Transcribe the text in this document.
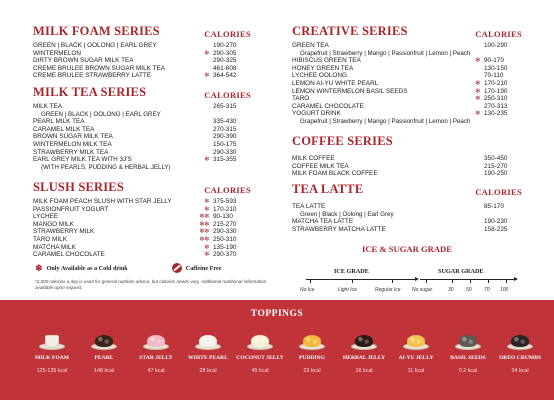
MILK FOAM SERIES	CALORIES
GREEN | BLACK | OOLONG | EARL GREY	190-270
WINTERMELON	❄ 290-305
DIRTY BROWN SUGAR MILK TEA	290-325
CREME BRULEE BROWN SUGAR MILK TEA	461-608
CREME BRULEE STRAWBERRY LATTE	❄ 364-542
MILK TEA SERIES	CALORIES
MILK TEA	265-315
GREEN | BLACK | OOLONG | EARL GREY
PEARL MILK TEA	335-430
CARAMEL MILK TEA	270-315
BROWN SUGAR MILK TEA	290-390
WINTERMELON MILK TEA	150-175
STRAWBERRY MILK TEA	290-330
EARL GREY MILK TEA WITH 3J'S	❄ 315-355
(WITH PEARLS, PUDDING & HERBAL JELLY)
SLUSH SERIES	CALORIES
MILK FOAM PEACH SLUSH WITH STAR JELLY	❄ 375-593
PASSIONFRUIT YOGURT	❄ 170-210
LYCHEE	❄❄ 90-130
MANGO MILK	❄❄ 215-270
STRAWBERRY MILK	❄❄ 290-330
TARO MILK	❄❄ 250-310
MATCHA MILK	❄ 135-190
CARAMEL CHOCOLATE	❄ 290-370
❄ Only Available as a Cold drink	Caffeine Free
*2,000 calories a day is used for general nutrition advice, but calories needs vary. Additional nutritional information available upon request.
CREATIVE SERIES	CALORIES
GREEN TEA	100-290
Grapefruit | Strawberry | Mango | Passionfruit | Lemon | Peach
HIBISCUS GREEN TEA	❄ 90-170
HONEY GREEN TEA	130-150
LYCHEE OOLONG	70-110
LEMON AI-YU WHITE PEARL	❄ 170-210
LEMON WINTERMELON BASIL SEEDS	❄ 170-190
TARO	❄ 250-310
CARAMEL CHOCOLATE	270-313
YOGURT DRINK	❄ 130-235
Grapefruit | Strawberry | Mango | Passionfruit | Lemon | Peach
COFFEE SERIES
MILK COFFEE	350-450
COFFEE MILK TEA	215-270
MILK FOAM BLACK COFFEE	190-250
TEA LATTE	CALORIES
TEA LATTE	85-170
Green | Black | Oolong | Earl Grey
MATCHA TEA LATTE	190-230
STRAWBERRY MATCHA LATTE	158-225
ICE & SUGAR GRADE
ICE GRADE
No Ice	Light Ice	Regular Ice
SUGAR GRADE
No sugar	30 50 70 100
TOPPINGS
MILK FOAM
125-135 kcal
PEARL
148 kcal
STAR JELLY
47 kcal
WHITE PEARL
28 kcal
COCONUT JELLY
45 kcal
PUDDING
23 kcal
HERBAL JELLY
16 kcal
AI-YU JELLY
11 kcal
BASIL SEEDS
0.2 kcal
OREO CRUMBS
34 kcal
